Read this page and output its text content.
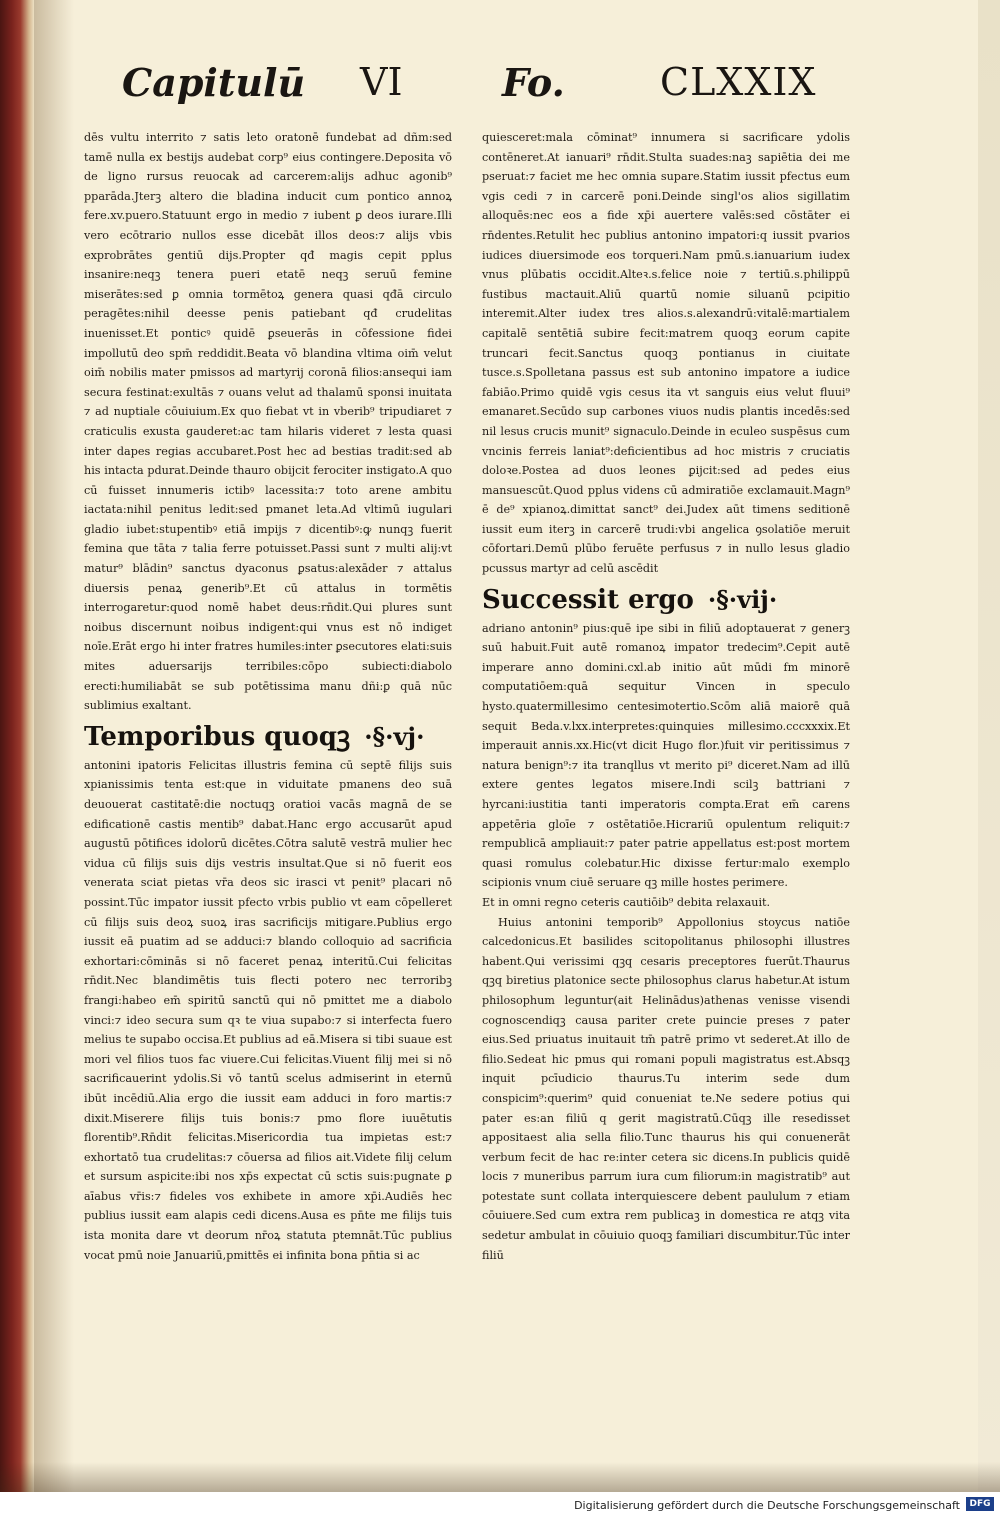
Capitulū VI	Fo.	CLXXIX

dēs vultu interrito ⁊ satis leto oratonē fundebat ad dñm:sed tamē nulla ex bestijs audebat corp⁹ eius contingere.Deposita vō de ligno rursus reuocak ad carcerem:alijs adhuc agonib⁹ pparāda.Jterꝫ altero die bladina inducit cum pontico annoꝝ fere.xv.puero.Statuunt ergo in medio ⁊ iubent ꝑ deos iurare.Illi vero ecōtrario nullos esse dicebāt illos deos:⁊ alijs vbis exprobrātes gentiū dijs.Propter qđ magis cepit pplus insanire:neqꝫ tenera pueri etatē neqꝫ seruū femine miserātes:sed ꝑ omnia tormētoꝝ genera quasi qđā circulo peragētes:nihil deesse penis patiebant qđ crudelitas inuenisset.Et ponticꝰ quidē ꝑseuerās in cōfessione fidei impollutū deo spm̄ reddidit.Beata vō blandina vltima oim̄ velut oim̄ nobilis mater pmissos ad martyrij coronā filios:ansequi iam secura festinat:exultās ⁊ ouans velut ad thalamū sponsi inuitata ⁊ ad nuptiale cōuiuium.Ex quo fiebat vt in vberib⁹ tripudiaret ⁊ craticulis exusta gauderet:ac tam hilaris videret ⁊ lesta quasi inter dapes regias accubaret.Post hec ad bestias tradit:sed ab his intacta pdurat.Deinde thauro obijcit ferociter instigato.A quo cū fuisset innumeris ictibꝰ lacessita:⁊ toto arene ambitu iactata:nihil penitus ledit:sed pmanet leta.Ad vltimū iugulari gladio iubet:stupentibꝰ etiā impijs ⁊ dicentibꝰ:ꝙ nunqꝫ fuerit femina que tāta ⁊ talia ferre potuisset.Passi sunt ⁊ multi alij:vt matur⁹ blādin⁹ sanctus dyaconus ꝑsatus:alexāder ⁊ attalus diuersis penaꝝ generib⁹.Et cū attalus in tormētis interrogaretur:quod nomē habet deus:rn̄dit.Qui plures sunt noibus discernunt noibus indigent:qui vnus est nō indiget noīe.Erāt ergo hi inter fratres humiles:inter ꝑsecutores elati:suis mites aduersarijs terribiles:cōpo subiecti:diabolo erecti:humiliabāt se sub potētissima manu dñi:ꝑ quā nūc sublimius exaltant.

Temporibus quoqꝫ ·§·vj·

antonini ipatoris Felicitas illustris femina cū septē filijs suis xpianissimis tenta est:que in viduitate pmanens deo suā deuouerat castitatē:die noctuqꝫ oratioi vacās magnā de se edificationē castis mentib⁹ dabat.Hanc ergo accusarūt apud augustū pōtifices idolorū dicētes.Cōtra salutē vestrā mulier hec vidua cū filijs suis dijs vestris insultat.Que si nō fuerit eos venerata sciat pietas vr̄a deos sic irasci vt penit⁹ placari nō possint.Tūc impator iussit pfecto vrbis publio vt eam cōpelleret cū filijs suis deoꝝ suoꝝ iras sacrificijs mitigare.Publius ergo iussit eā puatim ad se adduci:⁊ blando colloquio ad sacrificia exhortari:cōminās si nō faceret penaꝝ interitū.Cui felicitas rn̄dit.Nec blandimētis tuis flecti potero nec terroribꝫ frangi:habeo em̄ spiritū sanctū qui nō pmittet me a diabolo vinci:⁊ ideo secura sum qꝛ te viua supabo:⁊ si interfecta fuero melius te supabo occisa.Et publius ad eā.Misera si tibi suaue est mori vel filios tuos fac viuere.Cui felicitas.Viuent filij mei si nō sacrificauerint ydolis.Si vō tantū scelus admiserint in eternū ibūt incēdiū.Alia ergo die iussit eam adduci in foro martis:⁊ dixit.Miserere filijs tuis bonis:⁊ pmo flore iuuētutis florentib⁹.Rn̄dit felicitas.Misericordia tua impietas est:⁊ exhortatō tua crudelitas:⁊ cōuersa ad filios ait.Videte filij celum et sursum aspicite:ibi nos xp̄s expectat cū sctis suis:pugnate ꝑ aīabus vr̄is:⁊ fideles vos exhibete in amore xp̄i.Audiēs hec publius iussit eam alapis cedi dicens.Ausa es pn̄te me filijs tuis ista monita dare vt deorum nr̄oꝝ statuta ptemnāt.Tūc publius vocat pmū noie Januariū,pmittēs ei infinita bona pn̄tia si ac

quiesceret:mala cōminat⁹ innumera si sacrificare ydolis contēneret.At ianuari⁹ rn̄dit.Stulta suades:naꝫ sapiētia dei me pseruat:⁊ faciet me hec omnia supare.Statim iussit pfectus eum vgis cedi ⁊ in carcerē poni.Deinde singl'os alios sigillatim alloquēs:nec eos a fide xp̄i auertere valēs:sed cōstāter ei rn̄dentes.Retulit hec publius antonino impatori:q iussit pvarios iudices diuersimode eos torqueri.Nam pmū.s.ianuarium iudex vnus plūbatis occidit.Alteꝛ.s.felice noie ⁊ tertiū.s.philippū fustibus mactauit.Aliū quartū nomie siluanū pcipitio interemit.Alter iudex tres alios.s.alexandrū:vitalē:martialem capitalē sentētiā subire fecit:matrem quoqꝫ eorum capite truncari fecit.Sanctus quoqꝫ pontianus in ciuitate tusce.s.Spolletana passus est sub antonino impatore a iudice fabiāo.Primo quidē vgis cesus ita vt sanguis eius velut fluui⁹ emanaret.Secūdo sup carbones viuos nudis plantis incedēs:sed nil lesus crucis munit⁹ signaculo.Deinde in eculeo suspēsus cum vncinis ferreis laniat⁹:deficientibus ad hoc mistris ⁊ cruciatis doloꝛe.Postea ad duos leones ꝑijcit:sed ad pedes eius mansuescūt.Quod pplus videns cū admiratiōe exclamauit.Magn⁹ ē de⁹ xpianoꝝ.dimittat sanct⁹ dei.Judex aūt timens seditionē iussit eum iterꝫ in carcerē trudi:vbi angelica ꝯsolatiōe meruit cōfortari.Demū plūbo feruēte perfusus ⁊ in nullo lesus gladio pcussus martyr ad celū ascēdit

Successit ergo ·§·vij·

adriano antonin⁹ pius:quē ipe sibi in filiū adoptauerat ⁊ generꝫ suū habuit.Fuit autē romanoꝝ impator tredecim⁹.Cepit autē imperare anno domini.cxl.ab initio aūt mūdi fm minorē computatiōem:quā sequitur Vincen in speculo hysto.quatermillesimo centesimotertio.Scōm aliā maiorē quā sequit Beda.v.lxx.interpretes:quinquies millesimo.cccxxxix.Et imperauit annis.xx.Hic(vt dicit Hugo flor.)fuit vir peritissimus ⁊ natura benign⁹:⁊ ita tranqllus vt merito pi⁹ diceret.Nam ad illū extere gentes legatos misere.Indi scilꝫ battriani ⁊ hyrcani:iustitia tanti imperatoris compta.Erat em̄ carens appetēria gloīe ⁊ ostētatiōe.Hicrariū opulentum reliquit:⁊ rempublicā ampliauit:⁊ pater patrie appellatus est:post mortem quasi romulus colebatur.Hic dixisse fertur:malo exemplo scipionis vnum ciuē seruare qꝫ mille hostes perimere.

Et in omni regno ceteris cautiōib⁹ debita relaxauit.

Huius antonini temporib⁹ Appollonius stoycus natiōe calcedonicus.Et basilides scitopolitanus philosophi illustres habent.Qui verissimi qꝫq cesaris preceptores fuerūt.Thaurus qꝫq biretius platonice secte philosophus clarus habetur.At istum philosophum leguntur(ait Helinādus)athenas venisse visendi cognoscendiqꝫ causa pariter crete puincie preses ⁊ pater eius.Sed priuatus inuitauit tm̄ patrē primo vt sederet.At illo de filio.Sedeat hic pmus qui romani populi magistratus est.Absqꝫ inquit pcīudicio thaurus.Tu interim sede dum conspicim⁹:querim⁹ quid conueniat te.Ne sedere potius qui pater es:an filiū q gerit magistratū.Cūqꝫ ille resedisset appositaest alia sella filio.Tunc thaurus his qui conuenerāt verbum fecit de hac re:inter cetera sic dicens.In publicis quidē locis ⁊ muneribus parrum iura cum filiorum:in magistratib⁹ aut potestate sunt collata interquiescere debent paululum ⁊ etiam cōuiuere.Sed cum extra rem publicaꝫ in domestica re atqꝫ vita sedetur ambulat in cōuiuio quoqꝫ familiari discumbitur.Tūc inter filiū

Digitalisierung gefördert durch die Deutsche Forschungsgemeinschaft	DFG
